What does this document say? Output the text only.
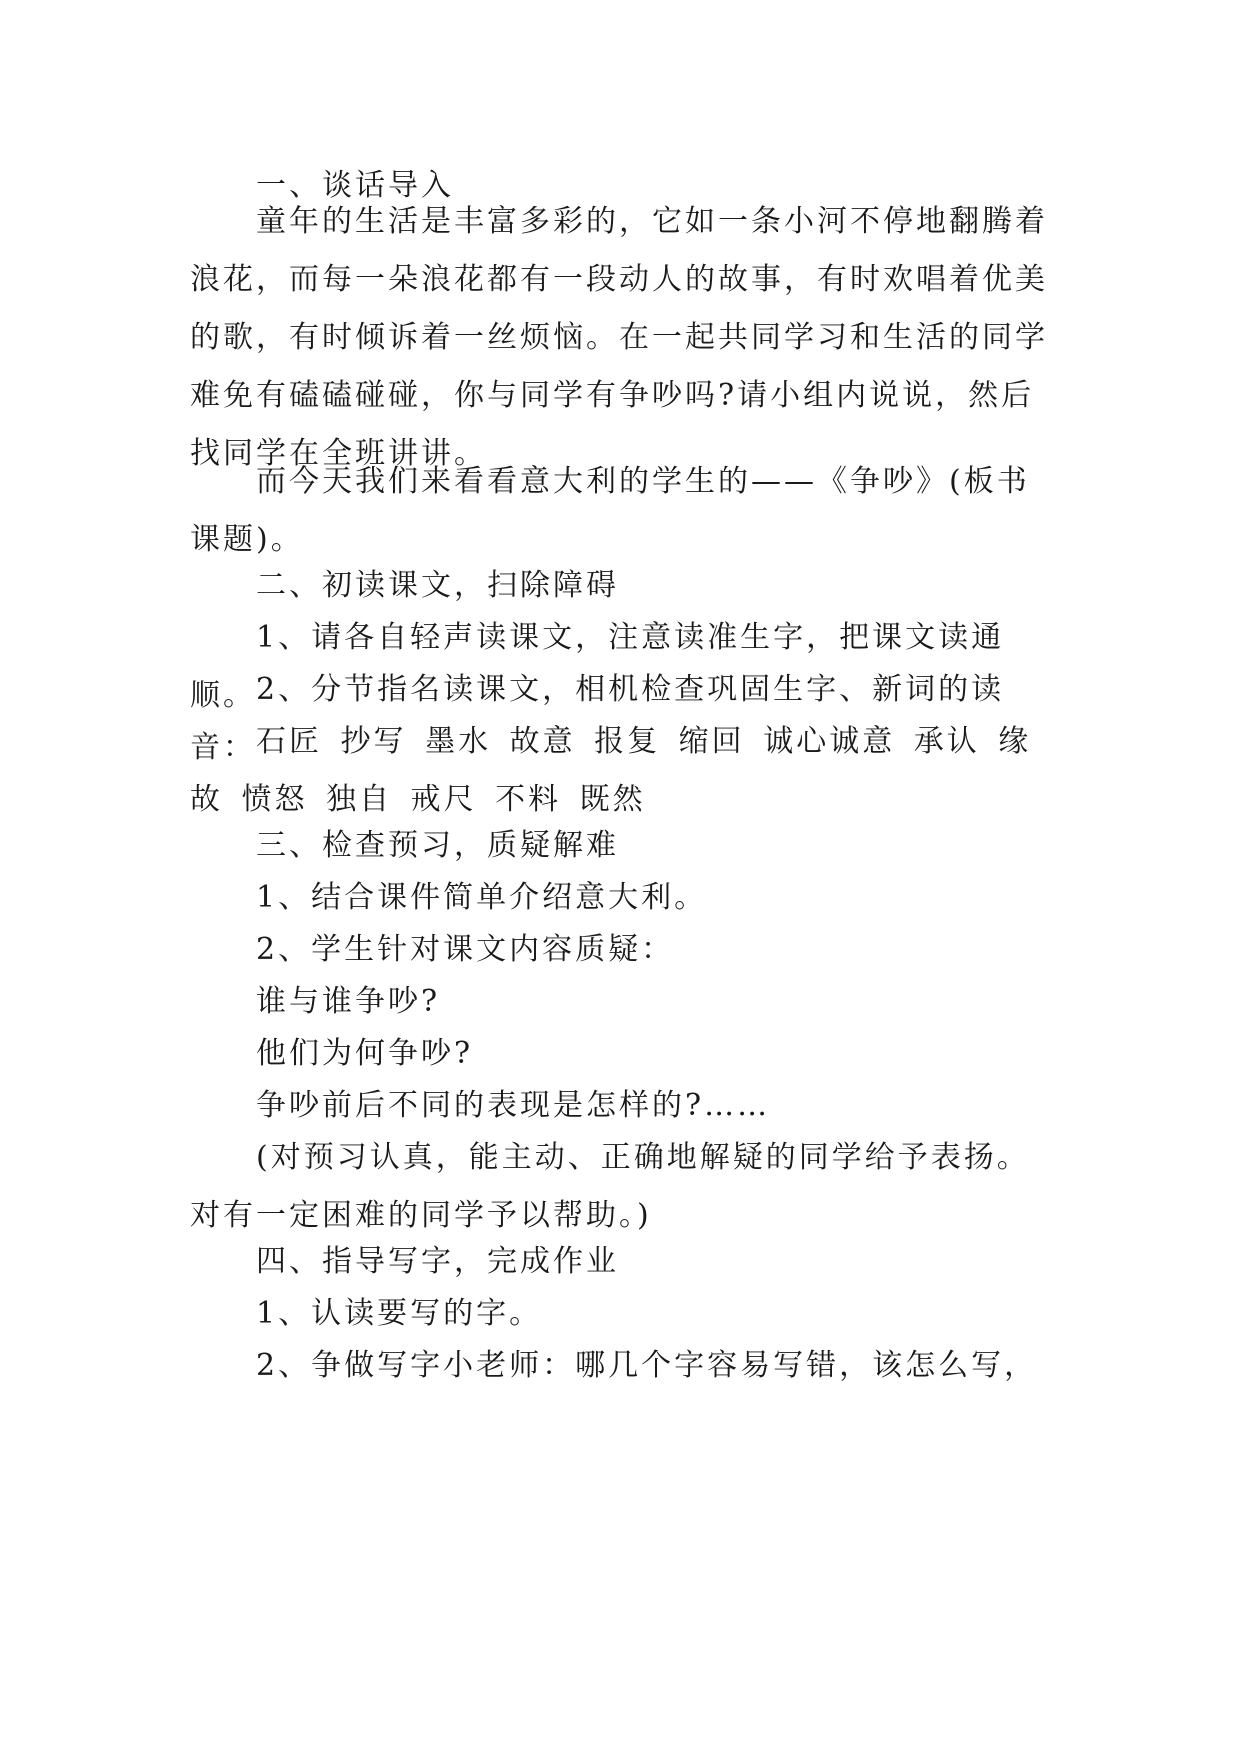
一、谈话导入

童年的生活是丰富多彩的，它如一条小河不停地翻腾着浪花，而每一朵浪花都有一段动人的故事，有时欢唱着优美的歌，有时倾诉着一丝烦恼。在一起共同学习和生活的同学难免有磕磕碰碰，你与同学有争吵吗?请小组内说说，然后找同学在全班讲讲。

而今天我们来看看意大利的学生的——《争吵》(板书课题)。

二、初读课文，扫除障碍

1、请各自轻声读课文，注意读准生字，把课文读通顺。 2、分节指名读课文，相机检查巩固生字、新词的读音： 石匠 抄写 墨水 故意 报复 缩回 诚心诚意 承认 缘故 愤怒 独自 戒尺 不料 既然

三、检查预习，质疑解难

1、结合课件简单介绍意大利。

2、学生针对课文内容质疑：

谁与谁争吵?

他们为何争吵?

争吵前后不同的表现是怎样的?……

(对预习认真，能主动、正确地解疑的同学给予表扬。对有一定困难的同学予以帮助。)

四、指导写字，完成作业

1、认读要写的字。

2、争做写字小老师：哪几个字容易写错，该怎么写，
